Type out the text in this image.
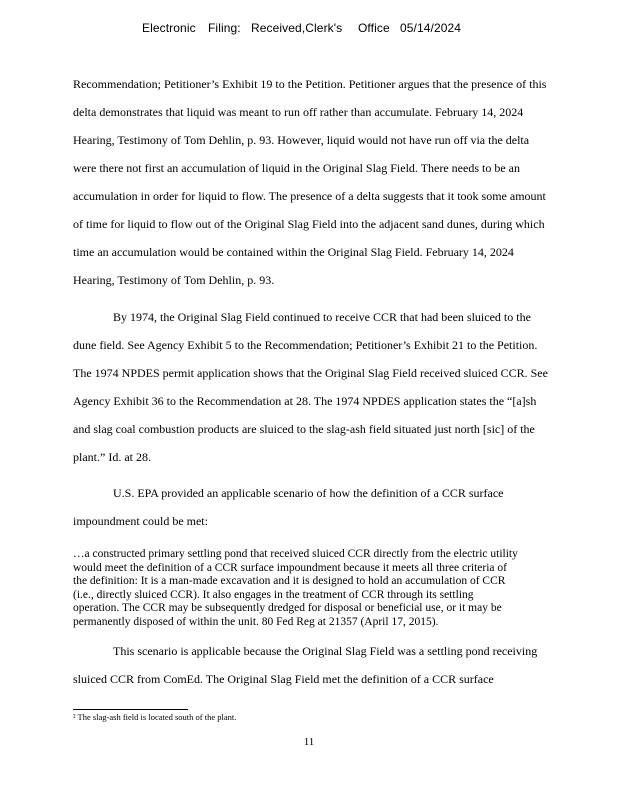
Electronic Filing: Received,Clerk's Office 05/14/2024

Recommendation; Petitioner’s Exhibit 19 to the Petition. Petitioner argues that the presence of this
delta demonstrates that liquid was meant to run off rather than accumulate. February 14, 2024
Hearing, Testimony of Tom Dehlin, p. 93. However, liquid would not have run off via the delta
were there not first an accumulation of liquid in the Original Slag Field. There needs to be an
accumulation in order for liquid to flow. The presence of a delta suggests that it took some amount
of time for liquid to flow out of the Original Slag Field into the adjacent sand dunes, during which
time an accumulation would be contained within the Original Slag Field. February 14, 2024
Hearing, Testimony of Tom Dehlin, p. 93.

By 1974, the Original Slag Field continued to receive CCR that had been sluiced to the
dune field. See Agency Exhibit 5 to the Recommendation; Petitioner’s Exhibit 21 to the Petition.
The 1974 NPDES permit application shows that the Original Slag Field received sluiced CCR. See
Agency Exhibit 36 to the Recommendation at 28. The 1974 NPDES application states the “[a]sh
and slag coal combustion products are sluiced to the slag-ash field situated just north [sic] of the
plant.” Id. at 28.

U.S. EPA provided an applicable scenario of how the definition of a CCR surface
impoundment could be met:

…a constructed primary settling pond that received sluiced CCR directly from the electric utility
would meet the definition of a CCR surface impoundment because it meets all three criteria of
the definition: It is a man-made excavation and it is designed to hold an accumulation of CCR
(i.e., directly sluiced CCR). It also engages in the treatment of CCR through its settling
operation. The CCR may be subsequently dredged for disposal or beneficial use, or it may be
permanently disposed of within the unit. 80 Fed Reg at 21357 (April 17, 2015).

This scenario is applicable because the Original Slag Field was a settling pond receiving
sluiced CCR from ComEd. The Original Slag Field met the definition of a CCR surface

² The slag-ash field is located south of the plant.
11
